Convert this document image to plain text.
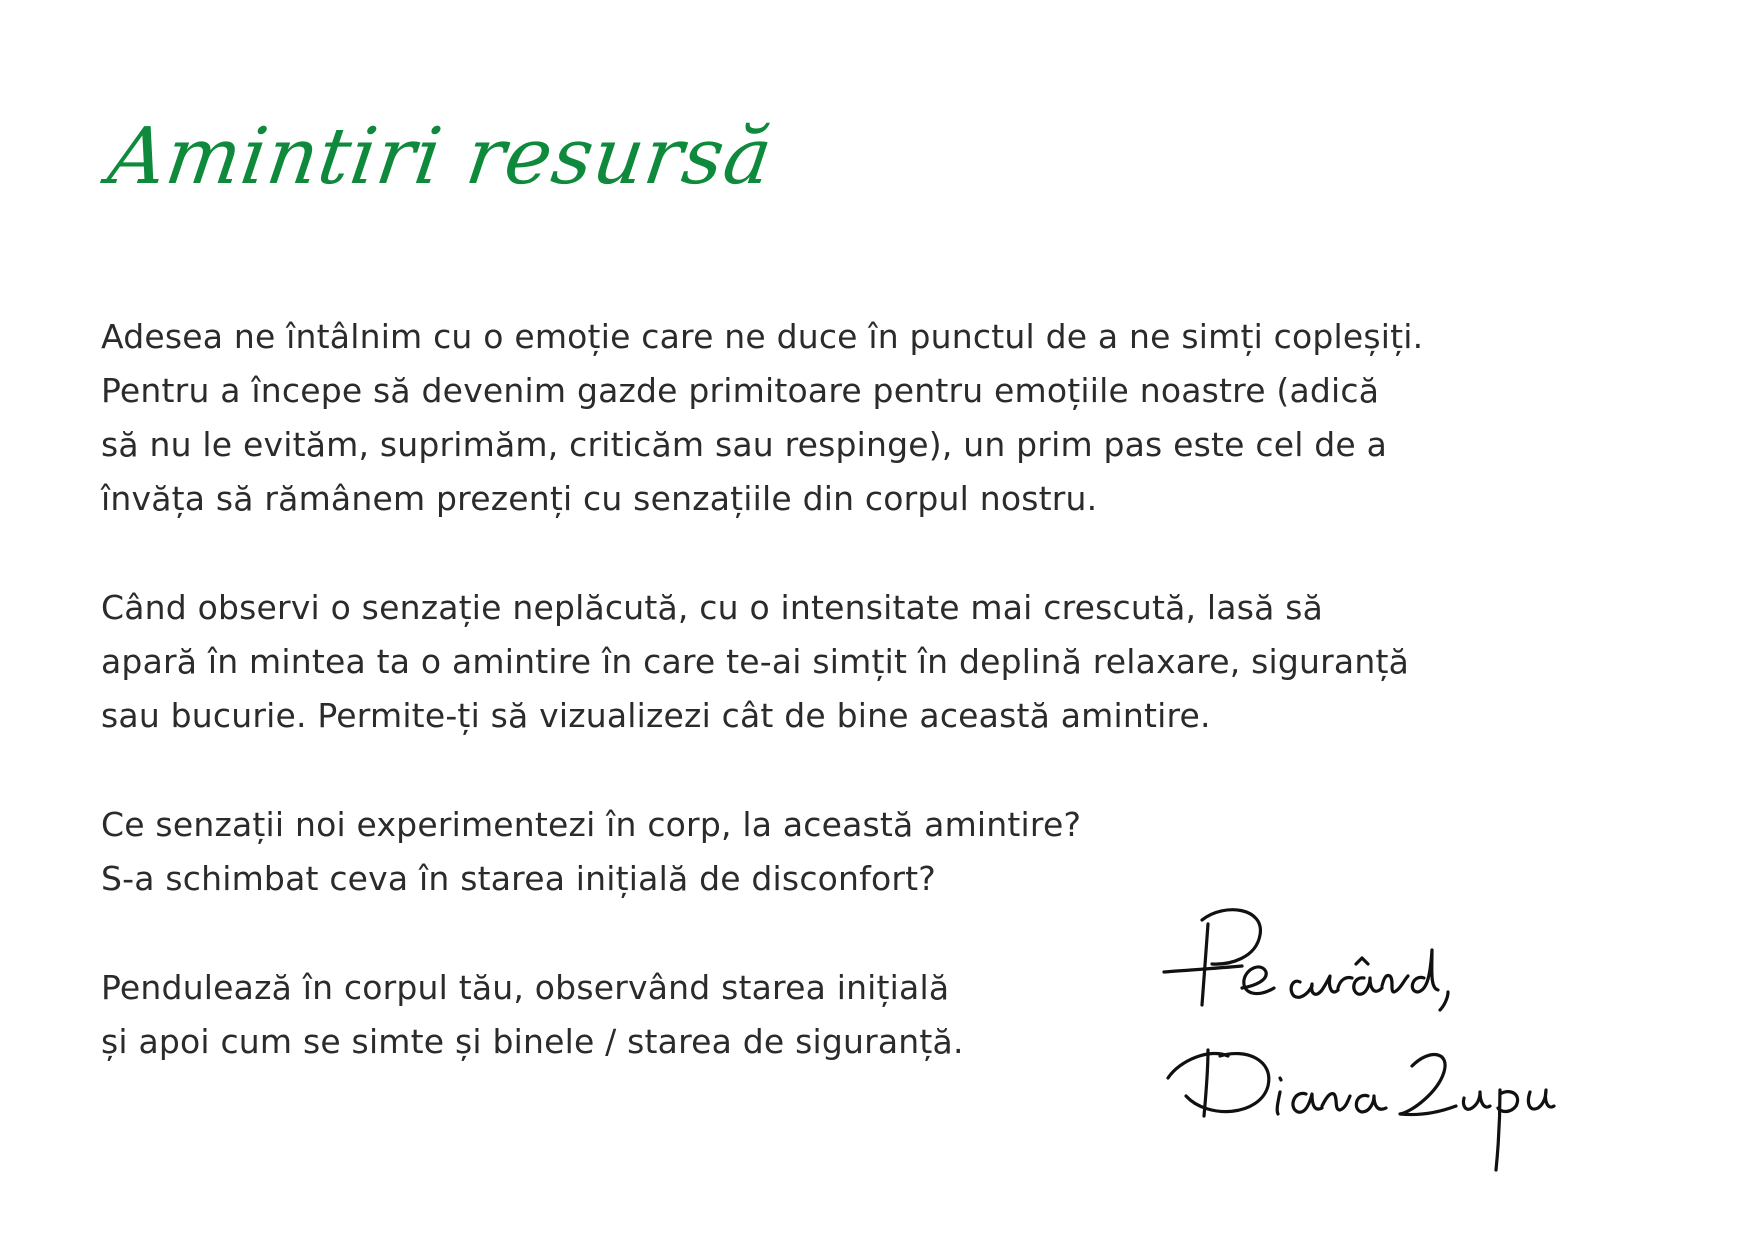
Amintiri resursă

Adesea ne întâlnim cu o emoție care ne duce în punctul de a ne simți copleșiți.
Pentru a începe să devenim gazde primitoare pentru emoțiile noastre (adică
să nu le evităm, suprimăm, criticăm sau respinge), un prim pas este cel de a
învăța să rămânem prezenți cu senzațiile din corpul nostru.

Când observi o senzație neplăcută, cu o intensitate mai crescută, lasă să
apară în mintea ta o amintire în care te-ai simțit în deplină relaxare, siguranță
sau bucurie. Permite-ți să vizualizezi cât de bine această amintire.

Ce senzații noi experimentezi în corp, la această amintire?
S-a schimbat ceva în starea inițială de disconfort?

Pendulează în corpul tău, observând starea inițială
și apoi cum se simte și binele / starea de siguranță.
